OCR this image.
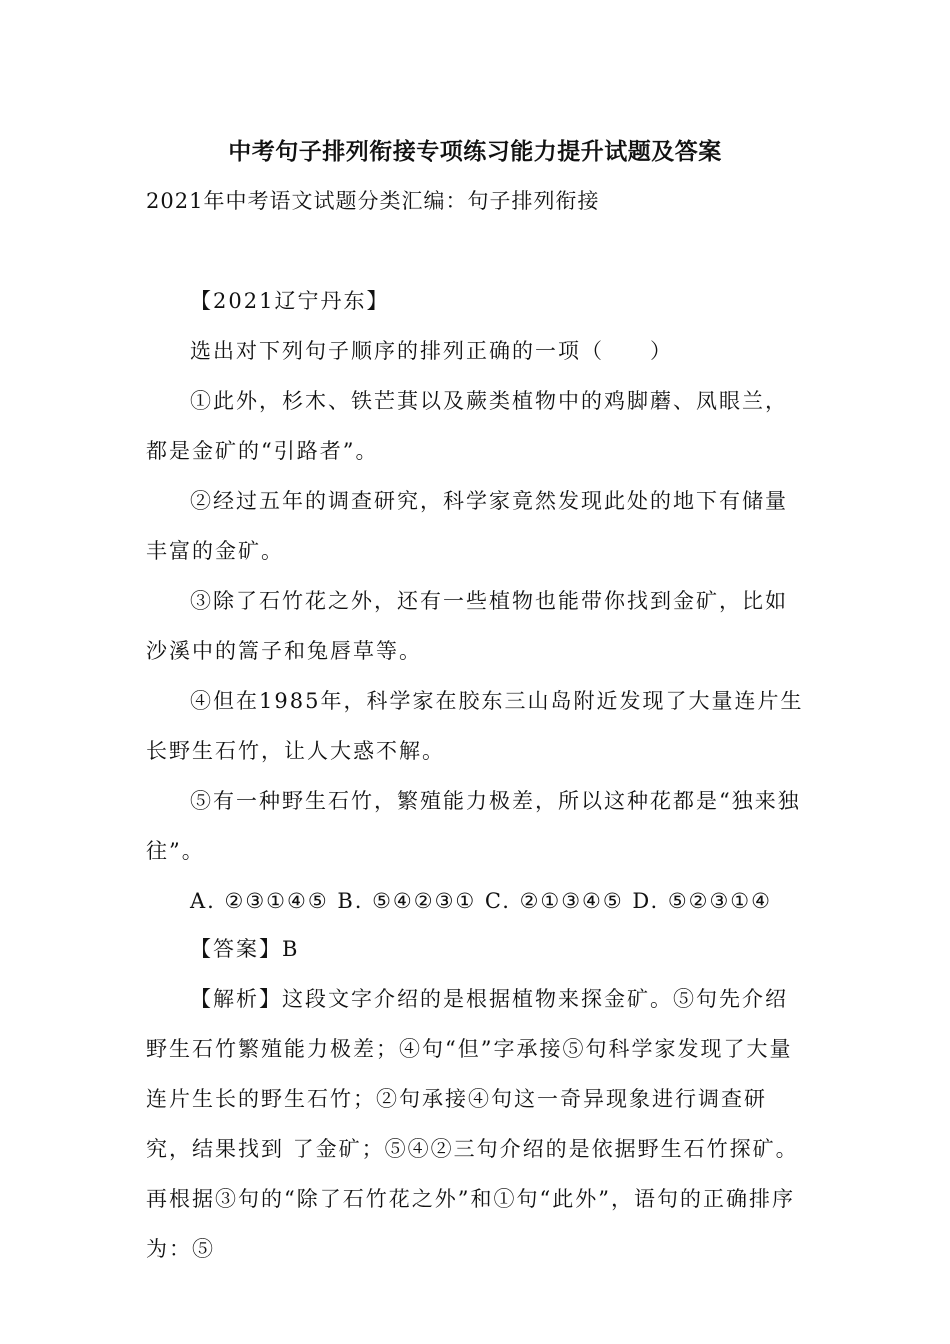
中考句子排列衔接专项练习能力提升试题及答案
2021年中考语文试题分类汇编：句子排列衔接
【2021辽宁丹东】
选出对下列句子顺序的排列正确的一项（　　）
①此外，杉木、铁芒萁以及蕨类植物中的鸡脚蘑、凤眼兰，都是金矿的“引路者”。
②经过五年的调查研究，科学家竟然发现此处的地下有储量丰富的金矿。
③除了石竹花之外，还有一些植物也能带你找到金矿，比如沙溪中的篙子和兔唇草等。
④但在1985年，科学家在胶东三山岛附近发现了大量连片生长野生石竹，让人大惑不解。
⑤有一种野生石竹，繁殖能力极差，所以这种花都是“独来独往”。
A. ②③①④⑤ B. ⑤④②③① C. ②①③④⑤ D. ⑤②③①④
【答案】B
【解析】这段文字介绍的是根据植物来探金矿。⑤句先介绍野生石竹繁殖能力极差；④句“但”字承接⑤句科学家发现了大量连片生长的野生石竹；②句承接④句这一奇异现象进行调查研究，结果找到 了金矿；⑤④②三句介绍的是依据野生石竹探矿。再根据③句的“除了石竹花之外”和①句“此外”，语句的正确排序为：⑤
